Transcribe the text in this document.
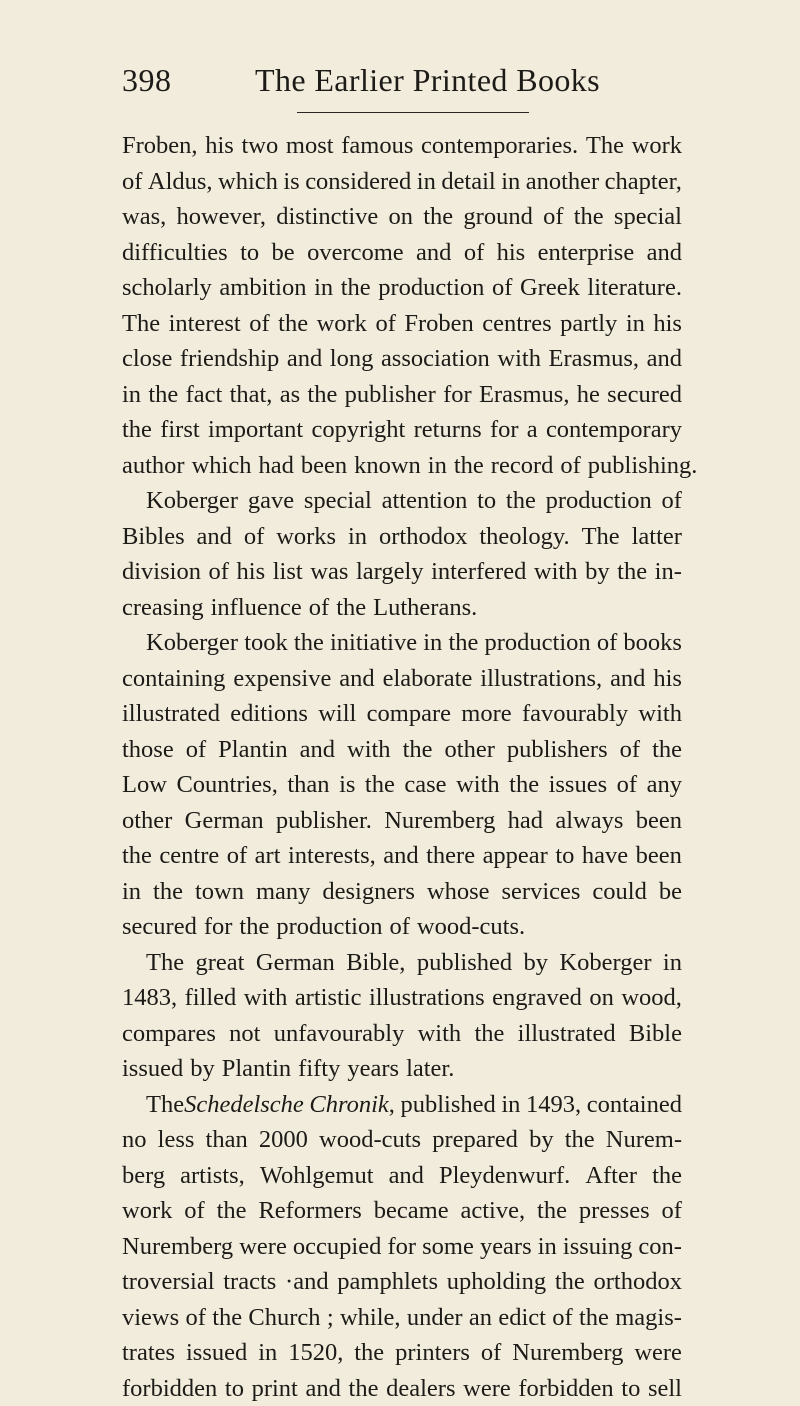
398	The Earlier Printed Books
Froben, his two most famous contemporaries. The work
of Aldus, which is considered in detail in another chapter,
was, however, distinctive on the ground of the special
difficulties to be overcome and of his enterprise and
scholarly ambition in the production of Greek literature.
The interest of the work of Froben centres partly in his
close friendship and long association with Erasmus, and
in the fact that, as the publisher for Erasmus, he secured
the first important copyright returns for a contemporary
author which had been known in the record of publishing.
Koberger gave special attention to the production of
Bibles and of works in orthodox theology. The latter
division of his list was largely interfered with by the in-
creasing influence of the Lutherans.
Koberger took the initiative in the production of books
containing expensive and elaborate illustrations, and his
illustrated editions will compare more favourably with
those of Plantin and with the other publishers of the
Low Countries, than is the case with the issues of any
other German publisher. Nuremberg had always been
the centre of art interests, and there appear to have been
in the town many designers whose services could be
secured for the production of wood-cuts.
The great German Bible, published by Koberger in
1483, filled with artistic illustrations engraved on wood,
compares not unfavourably with the illustrated Bible
issued by Plantin fifty years later.
TheSchedelsche Chronik, published in 1493, contained
no less than 2000 wood-cuts prepared by the Nurem-
berg artists, Wohlgemut and Pleydenwurf. After the
work of the Reformers became active, the presses of
Nuremberg were occupied for some years in issuing con-
troversial tracts ·and pamphlets upholding the orthodox
views of the Church ; while, under an edict of the magis-
trates issued in 1520, the printers of Nuremberg were
forbidden to print and the dealers were forbidden to sell
